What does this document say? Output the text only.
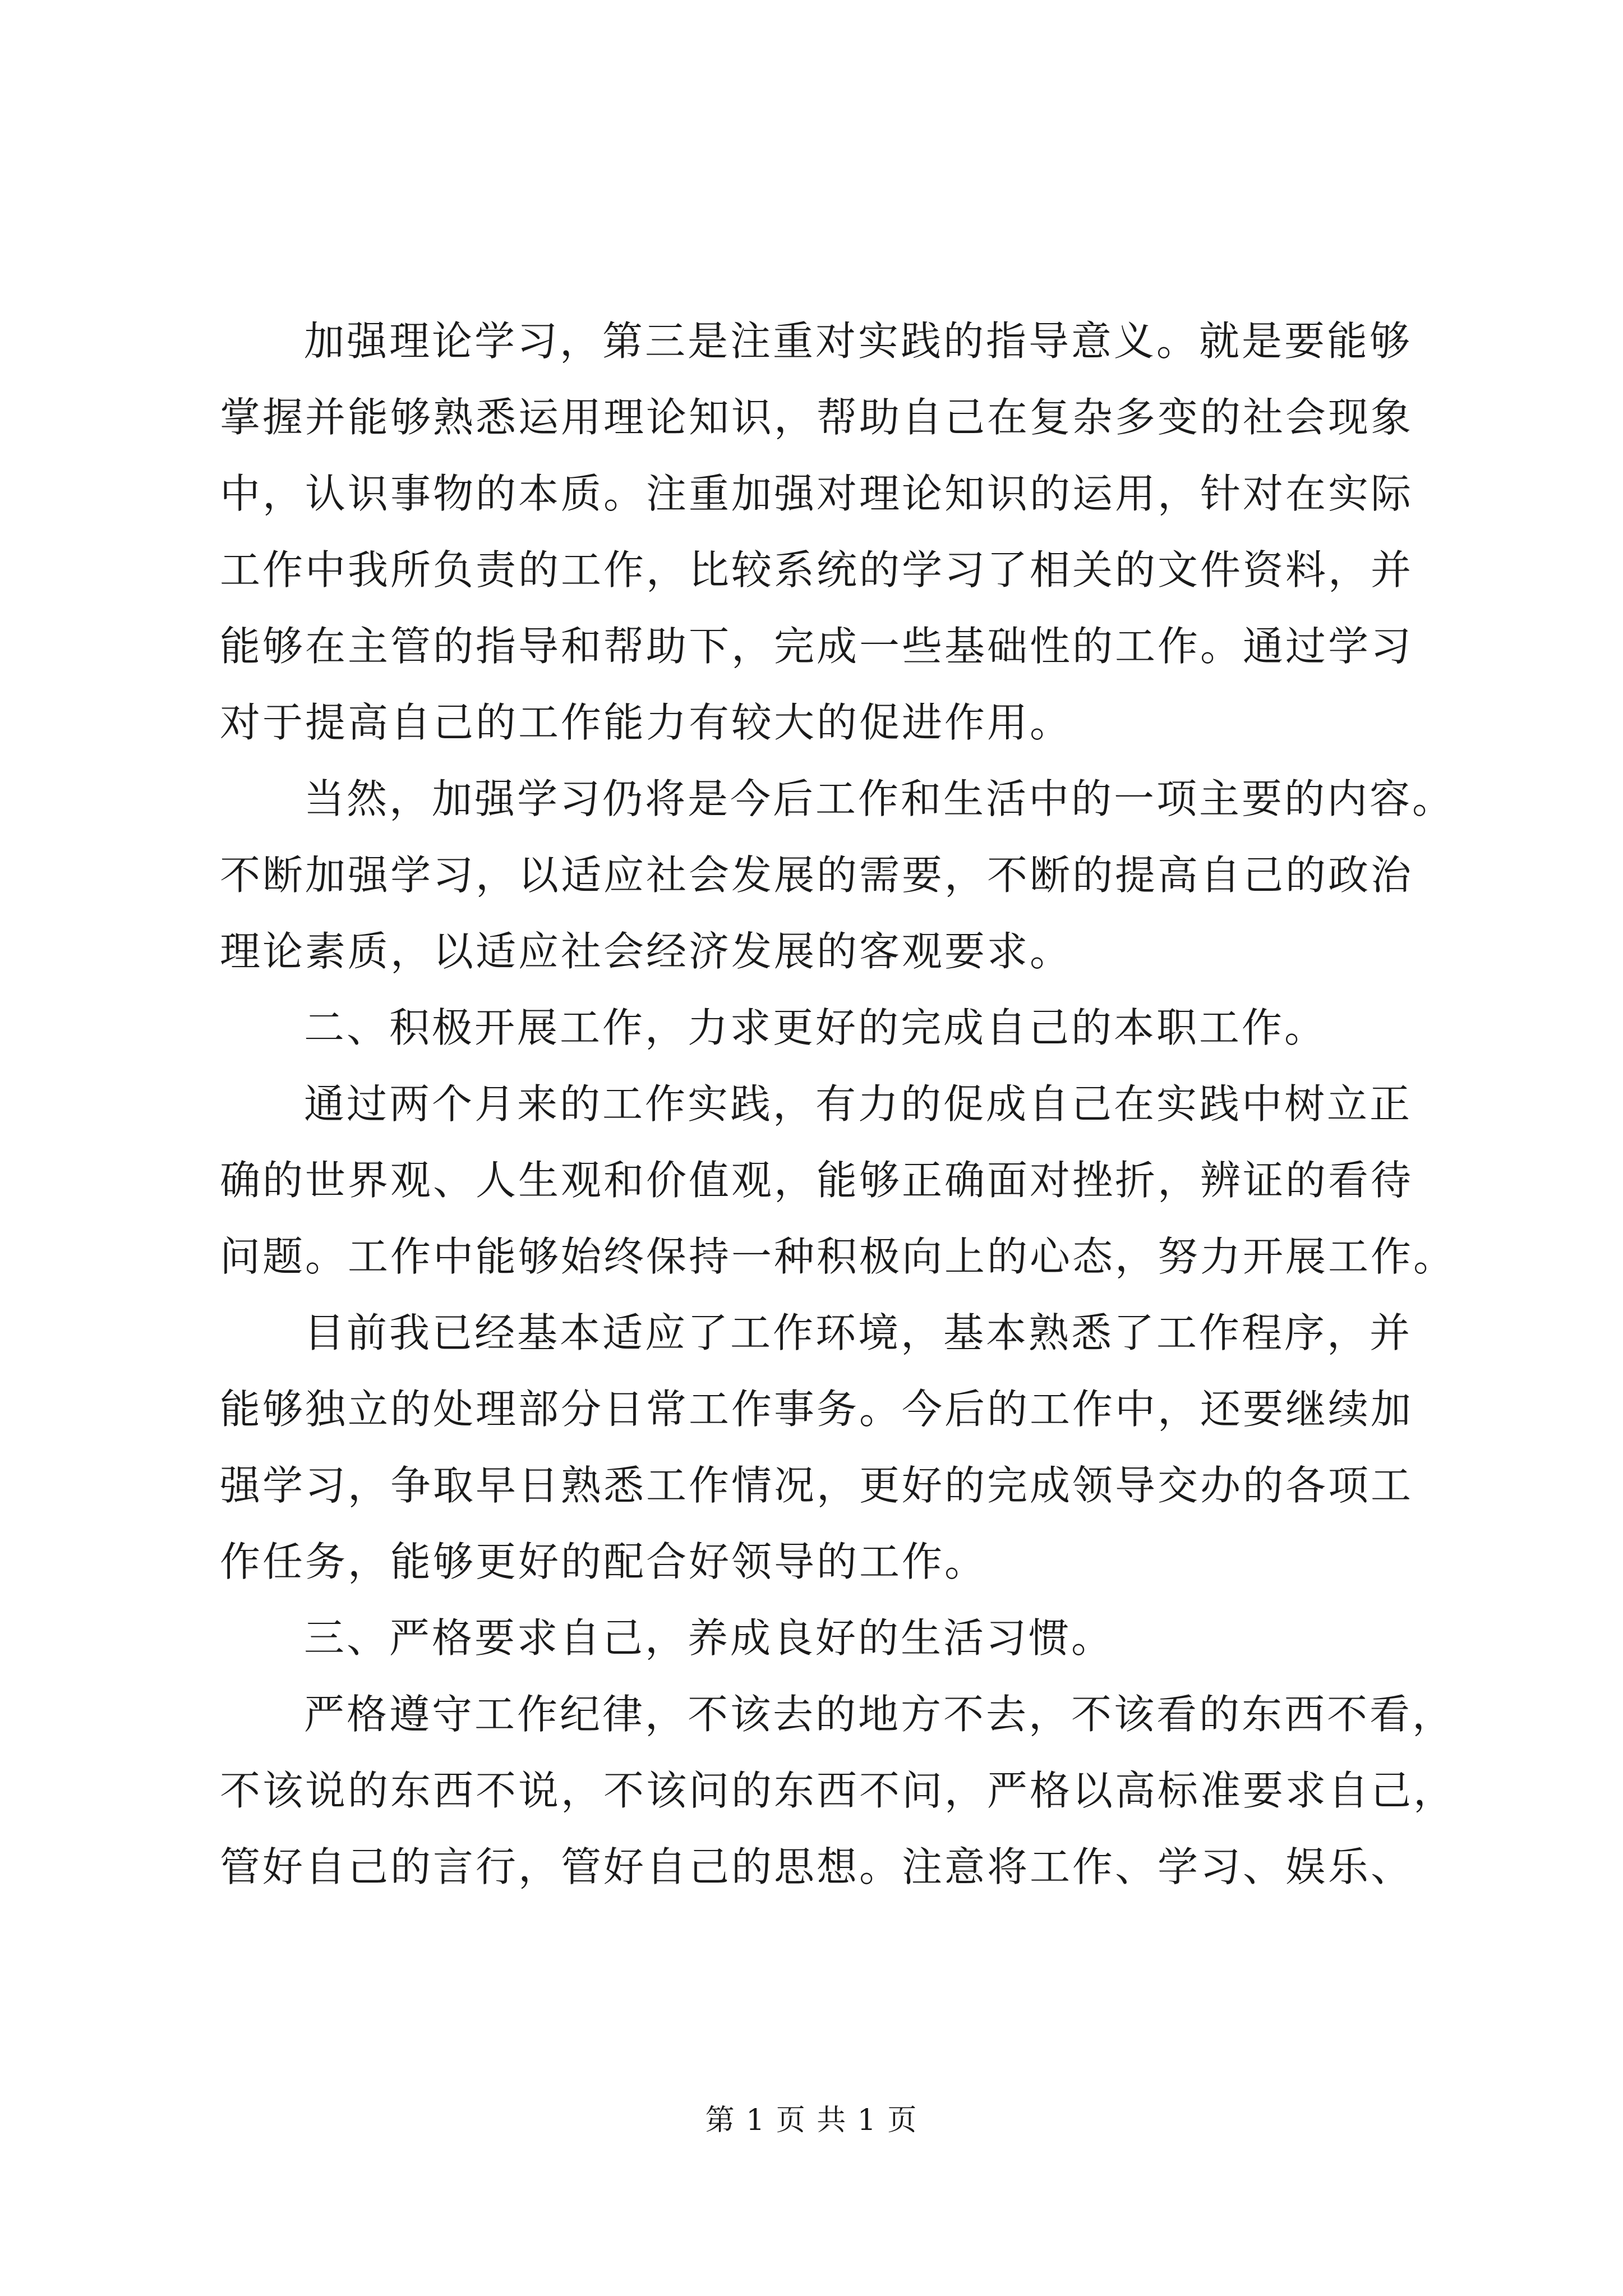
加强理论学习，第三是注重对实践的指导意义。就是要能够
掌握并能够熟悉运用理论知识，帮助自己在复杂多变的社会现象
中，认识事物的本质。注重加强对理论知识的运用，针对在实际
工作中我所负责的工作，比较系统的学习了相关的文件资料，并
能够在主管的指导和帮助下，完成一些基础性的工作。通过学习
对于提高自己的工作能力有较大的促进作用。
当然，加强学习仍将是今后工作和生活中的一项主要的内容。
不断加强学习，以适应社会发展的需要，不断的提高自己的政治
理论素质，以适应社会经济发展的客观要求。
二、积极开展工作，力求更好的完成自己的本职工作。
通过两个月来的工作实践，有力的促成自己在实践中树立正
确的世界观、人生观和价值观，能够正确面对挫折，辨证的看待
问题。工作中能够始终保持一种积极向上的心态，努力开展工作。
目前我已经基本适应了工作环境，基本熟悉了工作程序，并
能够独立的处理部分日常工作事务。今后的工作中，还要继续加
强学习，争取早日熟悉工作情况，更好的完成领导交办的各项工
作任务，能够更好的配合好领导的工作。
三、严格要求自己，养成良好的生活习惯。
严格遵守工作纪律，不该去的地方不去，不该看的东西不看，
不该说的东西不说，不该问的东西不问，严格以高标准要求自己，
管好自己的言行，管好自己的思想。注意将工作、学习、娱乐、
第 1 页 共 1 页
